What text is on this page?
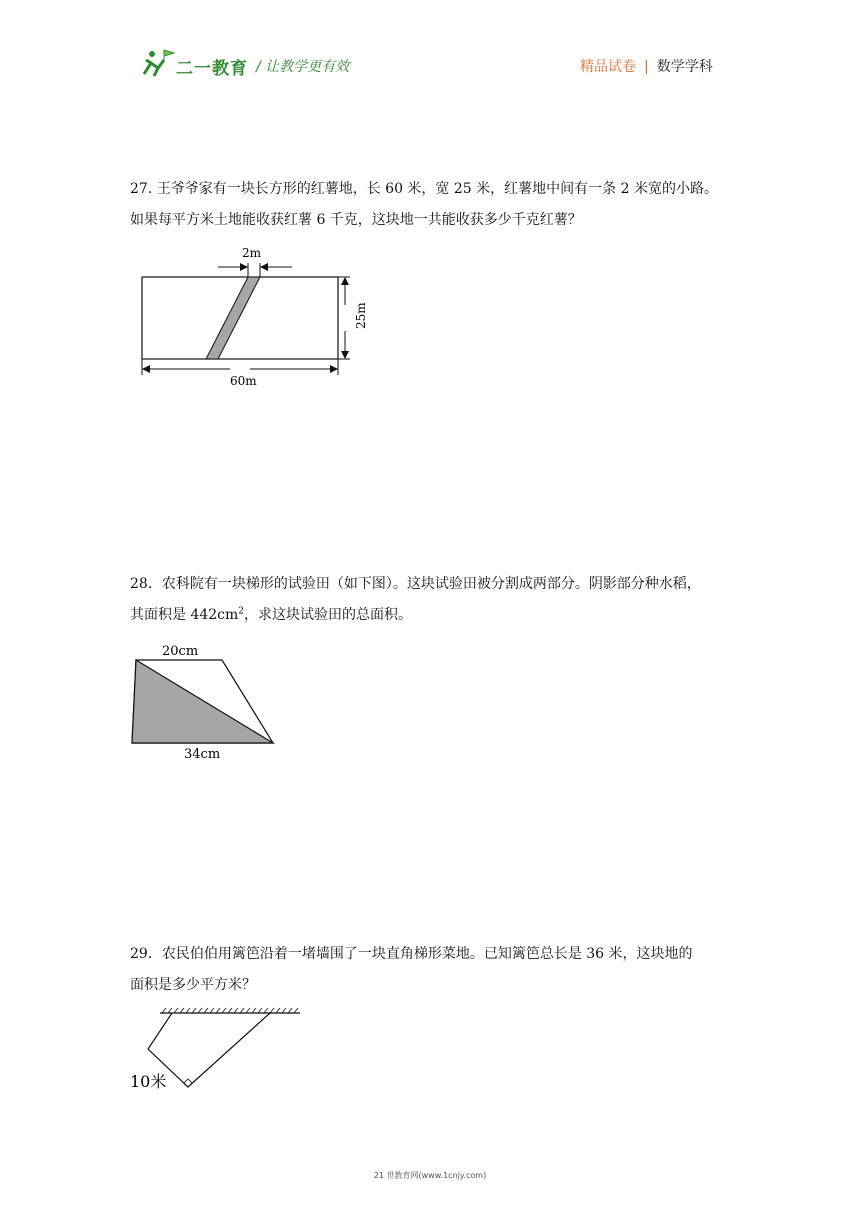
二一教育 / 让教学更有效	精品试卷 | 数学学科

27. 王爷爷家有一块长方形的红薯地，长 60 米，宽 25 米，红薯地中间有一条 2 米宽的小路。

如果每平方米土地能收获红薯 6 千克，这块地一共能收获多少千克红薯？

2m
25m
60m

28．农科院有一块梯形的试验田（如下图）。这块试验田被分割成两部分。阴影部分种水稻，

其面积是 $442cm^2$，求这块试验田的总面积。

20cm
34cm

29．农民伯伯用篱笆沿着一堵墙围了一块直角梯形菜地。已知篱笆总长是 36 米，这块地的

面积是多少平方米？

10米
21 世教育网(www.1cnjy.com)
